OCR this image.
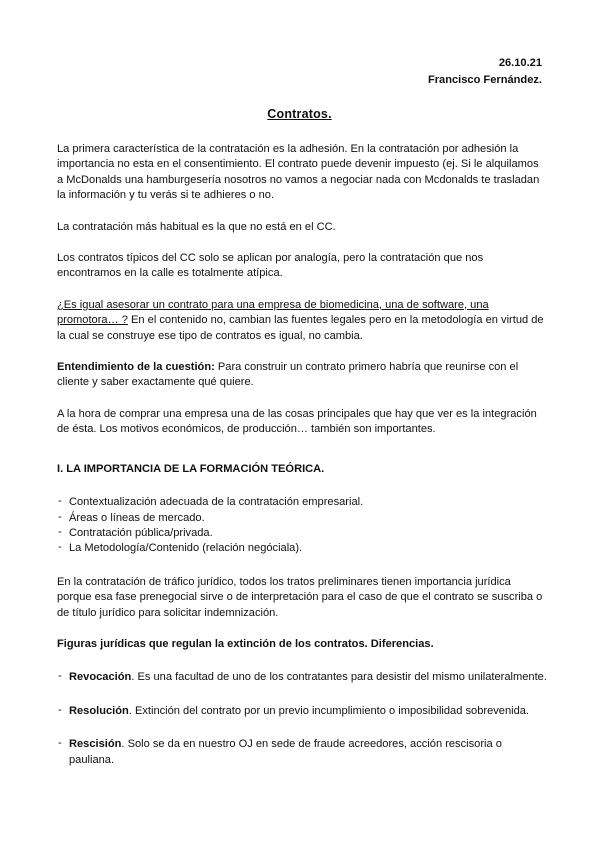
26.10.21
Francisco Fernández.
Contratos.

La primera característica de la contratación es la adhesión. En la contratación por adhesión la importancia no esta en el consentimiento. El contrato puede devenir impuesto (ej. Si le alquilamos a McDonalds una hamburgesería nosotros no vamos a negociar nada con Mcdonalds te trasladan la información y tu verás si te adhieres o no.

La contratación más habitual es la que no está en el CC.

Los contratos típicos del CC solo se aplican por analogía, pero la contratación que nos encontramos en la calle es totalmente atípica.

¿Es igual asesorar un contrato para una empresa de biomedicina, una de software, una promotora… ? En el contenido no, cambian las fuentes legales pero en la metodología en virtud de la cual se construye ese tipo de contratos es igual, no cambia.

Entendimiento de la cuestión: Para construir un contrato primero habría que reunirse con el cliente y saber exactamente qué quiere.

A la hora de comprar una empresa una de las cosas principales que hay que ver es la integración de ésta. Los motivos económicos, de producción… también son importantes.

I. LA IMPORTANCIA DE LA FORMACIÓN TEÓRICA.
- Contextualización adecuada de la contratación empresarial.
- Áreas o líneas de mercado.
- Contratación pública/privada.
- La Metodología/Contenido (relación negóciala).

En la contratación de tráfico jurídico, todos los tratos preliminares tienen importancia jurídica porque esa fase prenegocial sirve o de interpretación para el caso de que el contrato se suscriba o de título jurídico para solicitar indemnización.

Figuras jurídicas que regulan la extinción de los contratos. Diferencias.
- Revocación. Es una facultad de uno de los contratantes para desistir del mismo unilateralmente.
- Resolución. Extinción del contrato por un previo incumplimiento o imposibilidad sobrevenida.
- Rescisión. Solo se da en nuestro OJ en sede de fraude acreedores, acción rescisoria o pauliana.
